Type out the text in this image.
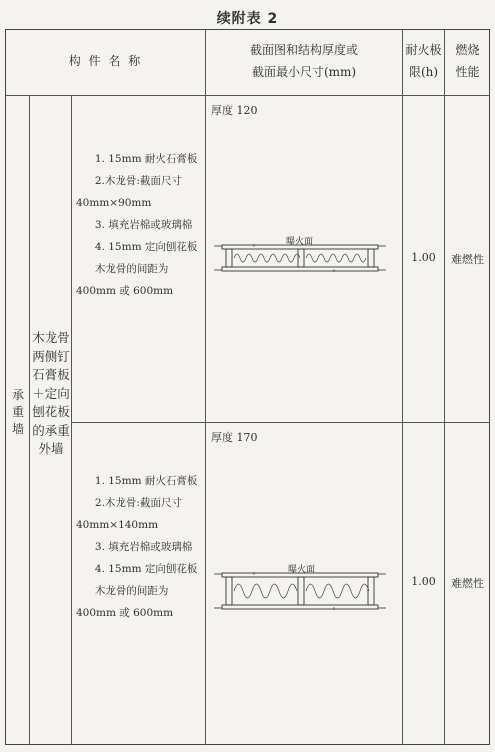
续附表 2
构 件 名 称
截面图和结构厚度或
截面最小尺寸(mm)
耐火极
限(h)
燃烧
性能
承重墙
木龙骨两侧钉石膏板＋定向刨花板的承重外墙

1. 15mm 耐火石膏板

2.木龙骨:截面尺寸 40mm×90mm

3. 填充岩棉或玻璃棉

4. 15mm 定向刨花板

木龙骨的间距为 400mm 或 600mm

厚度 120
曝火面
1.00	难燃性

1. 15mm 耐火石膏板

2.木龙骨:截面尺寸 40mm×140mm

3. 填充岩棉或玻璃棉

4. 15mm 定向刨花板

木龙骨的间距为 400mm 或 600mm

厚度 170
曝火面
1.00	难燃性
